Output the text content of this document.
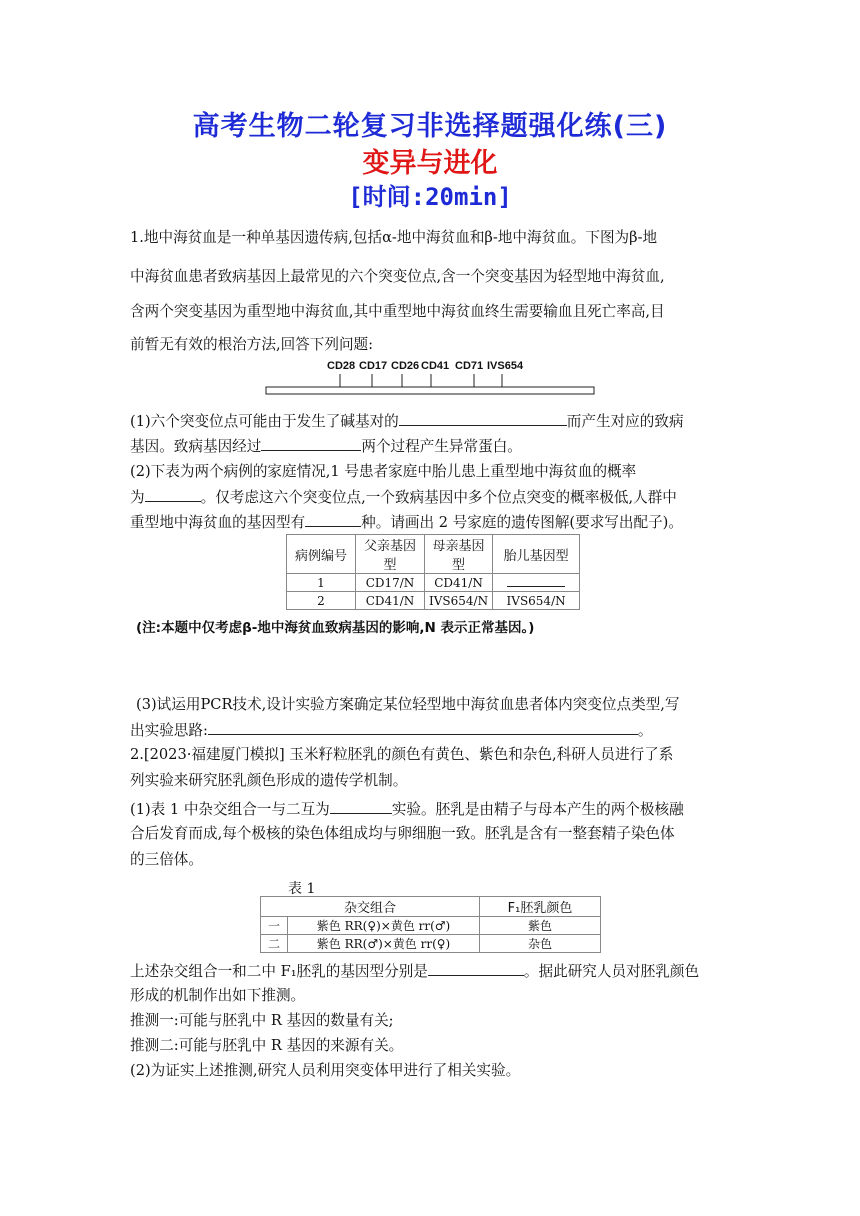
高考生物二轮复习非选择题强化练(三)
变异与进化
[时间:20min]
1.地中海贫血是一种单基因遗传病,包括α-地中海贫血和β-地中海贫血。下图为β-地
中海贫血患者致病基因上最常见的六个突变位点,含一个突变基因为轻型地中海贫血,
含两个突变基因为重型地中海贫血,其中重型地中海贫血终生需要输血且死亡率高,目
前暂无有效的根治方法,回答下列问题:
CD28 CD17 CD26 CD41 CD71 IVS654
(1)六个突变位点可能由于发生了碱基对的	而产生对应的致病
基因。致病基因经过	两个过程产生异常蛋白。
(2)下表为两个病例的家庭情况,1 号患者家庭中胎儿患上重型地中海贫血的概率
为	。仅考虑这六个突变位点,一个致病基因中多个位点突变的概率极低,人群中
重型地中海贫血的基因型有	种。请画出 2 号家庭的遗传图解(要求写出配子)。
病例编号	父亲基因型	母亲基因型	胎儿基因型
1	CD17/N	CD41/N	
2	CD41/N	IVS654/N	IVS654/N
(注:本题中仅考虑β-地中海贫血致病基因的影响,N 表示正常基因。)
(3)试运用PCR技术,设计实验方案确定某位轻型地中海贫血患者体内突变位点类型,写
出实验思路:	。
2.[2023·福建厦门模拟] 玉米籽粒胚乳的颜色有黄色、紫色和杂色,科研人员进行了系
列实验来研究胚乳颜色形成的遗传学机制。
(1)表 1 中杂交组合一与二互为	实验。胚乳是由精子与母本产生的两个极核融
合后发育而成,每个极核的染色体组成均与卵细胞一致。胚乳是含有一整套精子染色体
的三倍体。
表 1
杂交组合		F₁胚乳颜色
一	紫色 RR(♀)×黄色 rr(♂)	紫色
二	紫色 RR(♂)×黄色 rr(♀)	杂色
上述杂交组合一和二中 F₁胚乳的基因型分别是	。据此研究人员对胚乳颜色
形成的机制作出如下推测。
推测一:可能与胚乳中 R 基因的数量有关;
推测二:可能与胚乳中 R 基因的来源有关。
(2)为证实上述推测,研究人员利用突变体甲进行了相关实验。
